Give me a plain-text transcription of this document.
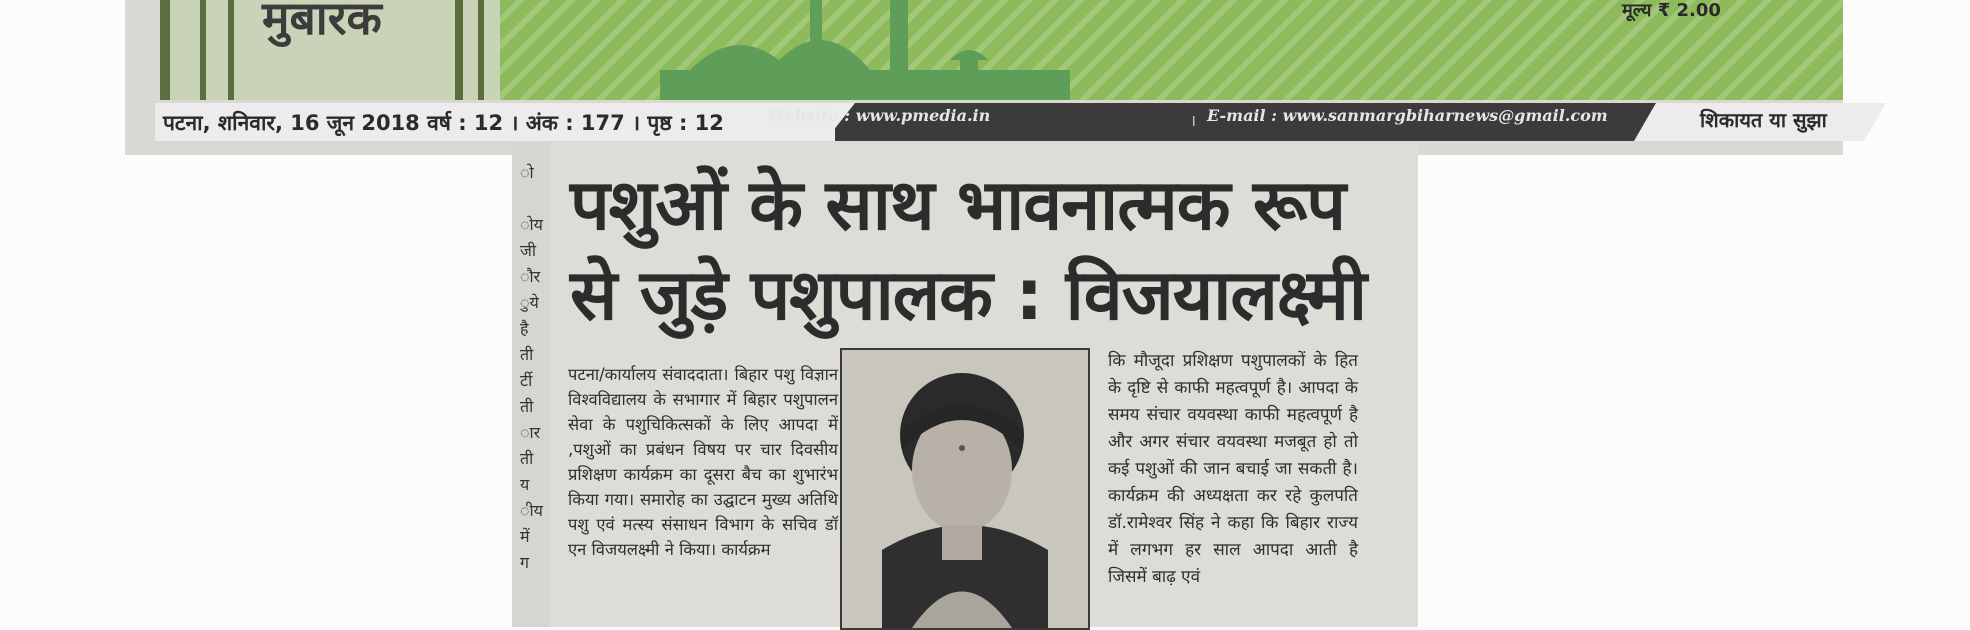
मुबारक	मूल्य ₹ 2.00
पटना, शनिवार, 16 जून 2018 वर्ष : 12 । अंक : 177 । पृष्ठ : 12	Website : www.pmedia.in	। E-mail : www.sanmargbiharnews@gmail.com	शिकायत या सुझा
ो
ोय
जी
ौर
ुये
है
ती
र्टी
ती
ार
ती
य
ीय
में
ग
पशुओं के साथ भावनात्मक रूप
से जुड़े पशुपालक : विजयालक्ष्मी
पटना/कार्यालय संवाददाता। बिहार पशु विज्ञान विश्वविद्यालय के सभागार में बिहार पशुपालन सेवा के पशुचिकित्सकों के लिए आपदा में ,पशुओं का प्रबंधन विषय पर चार दिवसीय प्रशिक्षण कार्यक्रम का दूसरा बैच का शुभारंभ किया गया। समारोह का उद्घाटन मुख्य अतिथि पशु एवं मत्स्य संसाधन विभाग के सचिव डॉ एन विजयलक्ष्मी ने किया। कार्यक्रम
कि मौजूदा प्रशिक्षण पशुपालकों के हित के दृष्टि से काफी महत्वपूर्ण है। आपदा के समय संचार वयवस्था काफी महत्वपूर्ण है और अगर संचार वयवस्था मजबूत हो तो कई पशुओं की जान बचाई जा सकती है। कार्यक्रम की अध्यक्षता कर रहे कुलपति डॉ.रामेश्वर सिंह ने कहा कि बिहार राज्य में लगभग हर साल आपदा आती है जिसमें बाढ़ एवं
